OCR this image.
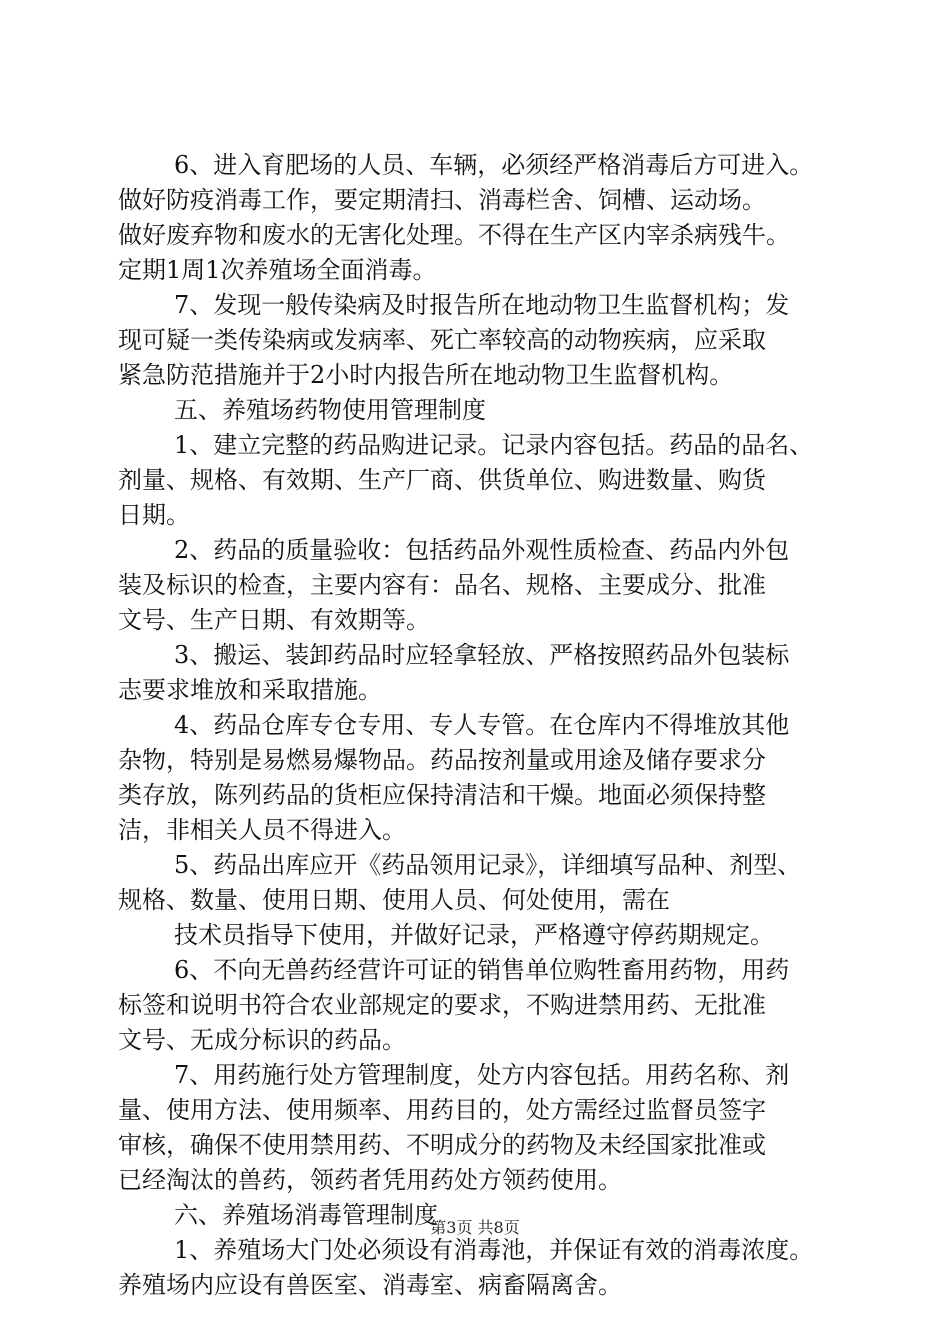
6、进入育肥场的人员、车辆，必须经严格消毒后方可进入。
做好防疫消毒工作，要定期清扫、消毒栏舍、饲槽、运动场。
做好废弃物和废水的无害化处理。不得在生产区内宰杀病残牛。
定期1周1次养殖场全面消毒。
7、发现一般传染病及时报告所在地动物卫生监督机构；发
现可疑一类传染病或发病率、死亡率较高的动物疾病，应采取
紧急防范措施并于2小时内报告所在地动物卫生监督机构。
五、养殖场药物使用管理制度
1、建立完整的药品购进记录。记录内容包括。药品的品名、
剂量、规格、有效期、生产厂商、供货单位、购进数量、购货
日期。
2、药品的质量验收：包括药品外观性质检查、药品内外包
装及标识的检查，主要内容有：品名、规格、主要成分、批准
文号、生产日期、有效期等。
3、搬运、装卸药品时应轻拿轻放、严格按照药品外包装标
志要求堆放和采取措施。
4、药品仓库专仓专用、专人专管。在仓库内不得堆放其他
杂物，特别是易燃易爆物品。药品按剂量或用途及储存要求分
类存放，陈列药品的货柜应保持清洁和干燥。地面必须保持整
洁，非相关人员不得进入。
5、药品出库应开《药品领用记录》，详细填写品种、剂型、
规格、数量、使用日期、使用人员、何处使用，需在
技术员指导下使用，并做好记录，严格遵守停药期规定。
6、不向无兽药经营许可证的销售单位购牲畜用药物，用药
标签和说明书符合农业部规定的要求，不购进禁用药、无批准
文号、无成分标识的药品。
7、用药施行处方管理制度，处方内容包括。用药名称、剂
量、使用方法、使用频率、用药目的，处方需经过监督员签字
审核，确保不使用禁用药、不明成分的药物及未经国家批准或
已经淘汰的兽药，领药者凭用药处方领药使用。
六、养殖场消毒管理制度
1、养殖场大门处必须设有消毒池，并保证有效的消毒浓度。
养殖场内应设有兽医室、消毒室、病畜隔离舍。
第3页 共8页
